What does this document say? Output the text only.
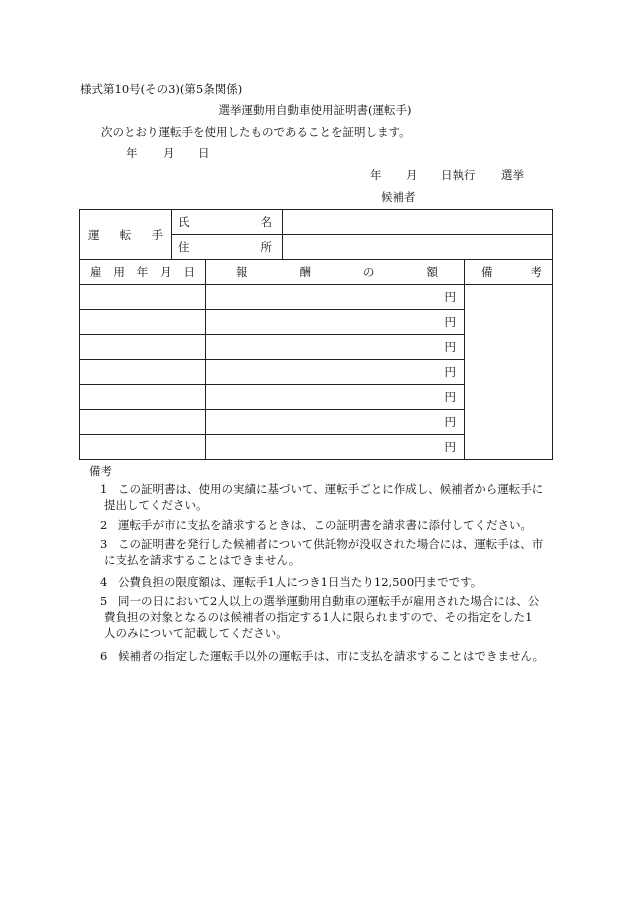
様式第10号(その3)(第5条関係)
選挙運動用自動車使用証明書(運転手)
次のとおり運転手を使用したものであることを証明します。
年 月 日
年 月 日執行 選挙
候補者
運 転 手	氏 名			

	住 所			

雇 用 年 月 日		報 酬 の 額		備 考

		円		
		円		
		円		
		円		
		円		
		円		
		円		
備考
1 この証明書は、使用の実績に基づいて、運転手ごとに作成し、候補者から運転手に
提出してください。
2 運転手が市に支払を請求するときは、この証明書を請求書に添付してください。
3 この証明書を発行した候補者について供託物が没収された場合には、運転手は、市
に支払を請求することはできません。
4 公費負担の限度額は、運転手1人につき1日当たり12,500円までです。
5 同一の日において2人以上の選挙運動用自動車の運転手が雇用された場合には、公
費負担の対象となるのは候補者の指定する1人に限られますので、その指定をした1
人のみについて記載してください。
6 候補者の指定した運転手以外の運転手は、市に支払を請求することはできません。
